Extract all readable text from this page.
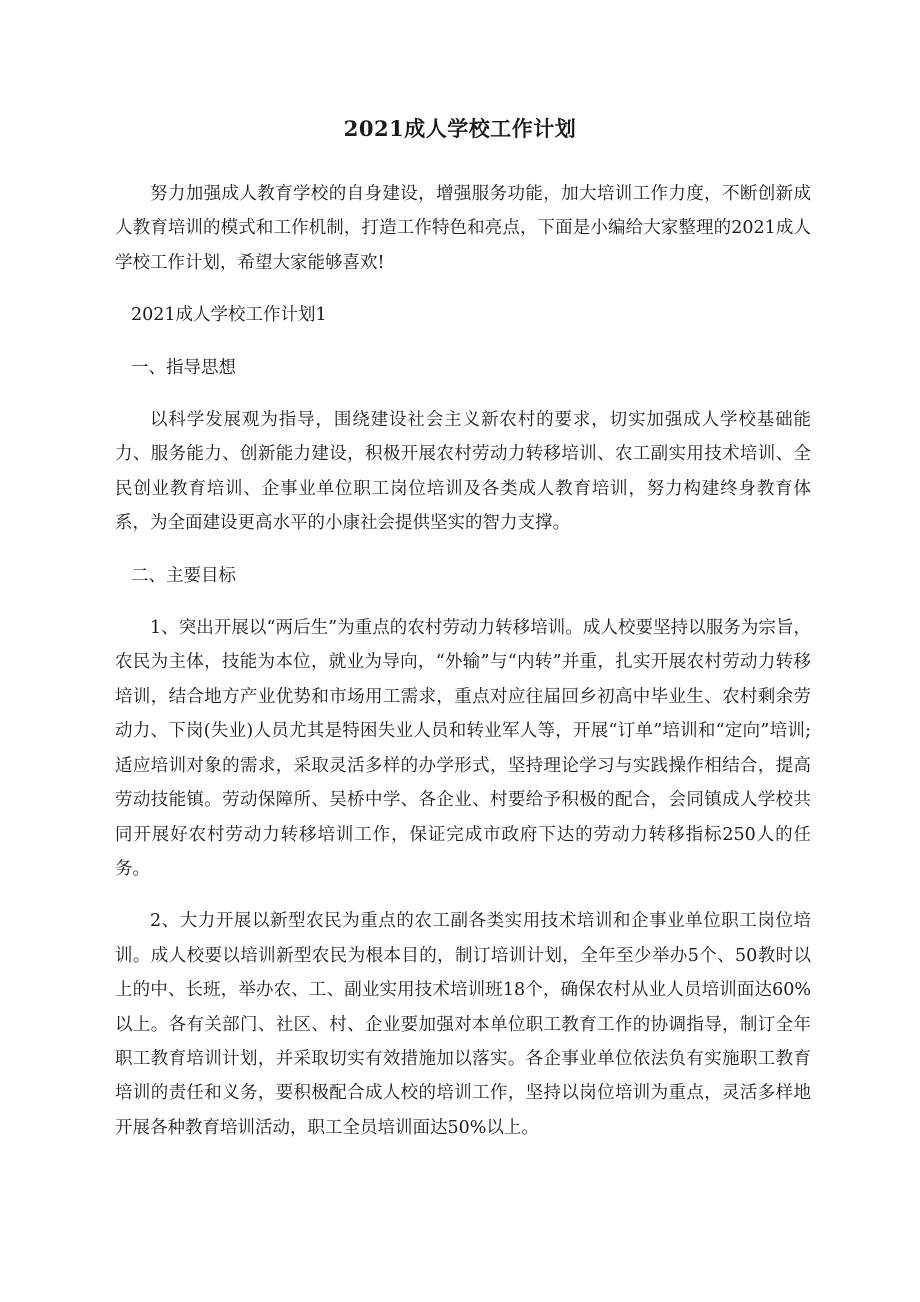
2021成人学校工作计划

努力加强成人教育学校的自身建设，增强服务功能，加大培训工作力度，不断创新成人教育培训的模式和工作机制，打造工作特色和亮点，下面是小编给大家整理的2021成人学校工作计划，希望大家能够喜欢!

2021成人学校工作计划1

一、指导思想

以科学发展观为指导，围绕建设社会主义新农村的要求，切实加强成人学校基础能力、服务能力、创新能力建设，积极开展农村劳动力转移培训、农工副实用技术培训、全民创业教育培训、企事业单位职工岗位培训及各类成人教育培训，努力构建终身教育体系，为全面建设更高水平的小康社会提供坚实的智力支撑。

二、主要目标

1、突出开展以“两后生”为重点的农村劳动力转移培训。成人校要坚持以服务为宗旨，农民为主体，技能为本位，就业为导向，“外输”与“内转”并重，扎实开展农村劳动力转移培训，结合地方产业优势和市场用工需求，重点对应往届回乡初高中毕业生、农村剩余劳动力、下岗(失业)人员尤其是特困失业人员和转业军人等，开展“订单”培训和“定向”培训;适应培训对象的需求，采取灵活多样的办学形式，坚持理论学习与实践操作相结合，提高劳动技能镇。劳动保障所、吴桥中学、各企业、村要给予积极的配合，会同镇成人学校共同开展好农村劳动力转移培训工作，保证完成市政府下达的劳动力转移指标250人的任务。

2、大力开展以新型农民为重点的农工副各类实用技术培训和企事业单位职工岗位培训。成人校要以培训新型农民为根本目的，制订培训计划，全年至少举办5个、50教时以上的中、长班，举办农、工、副业实用技术培训班18个，确保农村从业人员培训面达60%以上。各有关部门、社区、村、企业要加强对本单位职工教育工作的协调指导，制订全年职工教育培训计划，并采取切实有效措施加以落实。各企事业单位依法负有实施职工教育培训的责任和义务，要积极配合成人校的培训工作，坚持以岗位培训为重点，灵活多样地开展各种教育培训活动，职工全员培训面达50%以上。
